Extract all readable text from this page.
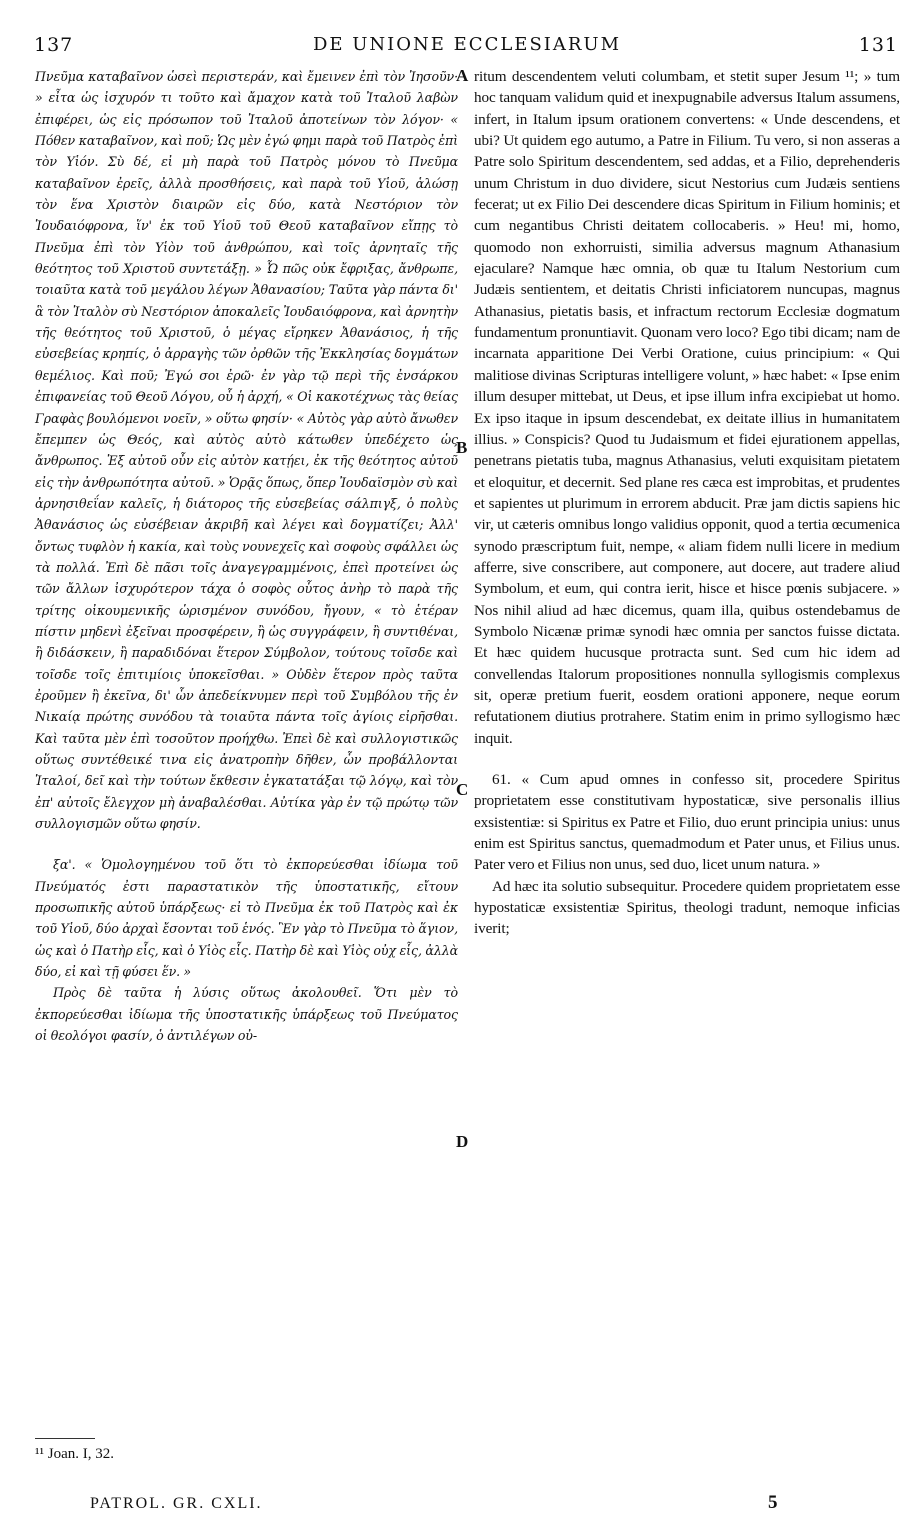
137	DE UNIONE ECCLESIARUM	131

Πνεῦμα καταβαῖνον ὡσεὶ περιστεράν, καὶ ἔμεινεν ἐπὶ τὸν Ἰησοῦν· » εἶτα ὡς ἰσχυρόν τι τοῦτο καὶ ἄμαχον κατὰ τοῦ Ἰταλοῦ λαβὼν ἐπιφέρει, ὡς εἰς πρόσωπον τοῦ Ἰταλοῦ ἀποτείνων τὸν λόγον· « Πόθεν καταβαῖνον, καὶ ποῦ; Ὡς μὲν ἐγώ φημι παρὰ τοῦ Πατρὸς ἐπὶ τὸν Υἱόν. Σὺ δέ, εἰ μὴ παρὰ τοῦ Πατρὸς μόνου τὸ Πνεῦμα καταβαῖνον ἐρεῖς, ἀλλὰ προσθήσεις, καὶ παρὰ τοῦ Υἱοῦ, ἁλώσῃ τὸν ἕνα Χριστὸν διαιρῶν εἰς δύο, κατὰ Νεστόριον τὸν Ἰουδαιόφρονα, ἵν' ἐκ τοῦ Υἱοῦ τοῦ Θεοῦ καταβαῖνον εἴπῃς τὸ Πνεῦμα ἐπὶ τὸν Υἱὸν τοῦ ἀνθρώπου, καὶ τοῖς ἀρνηταῖς τῆς θεότητος τοῦ Χριστοῦ συντετάξῃ. » Ὦ πῶς οὐκ ἔφριξας, ἄνθρωπε, τοιαῦτα κατὰ τοῦ μεγάλου λέγων Ἀθανασίου; Ταῦτα γὰρ πάντα δι' ἃ τὸν Ἰταλὸν σὺ Νεστόριον ἀποκαλεῖς Ἰουδαιόφρονα, καὶ ἀρνητὴν τῆς θεότητος τοῦ Χριστοῦ, ὁ μέγας εἴρηκεν Ἀθανάσιος, ἡ τῆς εὐσεβείας κρηπίς, ὁ ἀρραγὴς τῶν ὀρθῶν τῆς Ἐκκλησίας δογμάτων θεμέλιος. Καὶ ποῦ; Ἐγώ σοι ἐρῶ· ἐν γὰρ τῷ περὶ τῆς ἐνσάρκου ἐπιφανείας τοῦ Θεοῦ Λόγου, οὗ ἡ ἀρχή, « Οἱ κακοτέχνως τὰς θείας Γραφὰς βουλόμενοι νοεῖν, » οὕτω φησίν· « Αὐτὸς γὰρ αὐτὸ ἄνωθεν ἔπεμπεν ὡς Θεός, καὶ αὐτὸς αὐτὸ κάτωθεν ὑπεδέχετο ὡς ἄνθρωπος. Ἐξ αὐτοῦ οὖν εἰς αὐτὸν κατῄει, ἐκ τῆς θεότητος αὐτοῦ εἰς τὴν ἀνθρωπότητα αὐτοῦ. » Ὁρᾷς ὅπως, ὅπερ Ἰουδαϊσμὸν σὺ καὶ ἀρνησιθεΐαν καλεῖς, ἡ διάτορος τῆς εὐσεβείας σάλπιγξ, ὁ πολὺς Ἀθανάσιος ὡς εὐσέβειαν ἀκριβῆ καὶ λέγει καὶ δογματίζει; Ἀλλ' ὄντως τυφλὸν ἡ κακία, καὶ τοὺς νουνεχεῖς καὶ σοφοὺς σφάλλει ὡς τὰ πολλά. Ἐπὶ δὲ πᾶσι τοῖς ἀναγεγραμμένοις, ἐπεὶ προτείνει ὡς τῶν ἄλλων ἰσχυρότερον τάχα ὁ σοφὸς οὗτος ἀνὴρ τὸ παρὰ τῆς τρίτης οἰκουμενικῆς ὡρισμένον συνόδου, ἤγουν, « τὸ ἑτέραν πίστιν μηδενὶ ἐξεῖναι προσφέρειν, ἢ ὡς συγγράφειν, ἢ συντιθέναι, ἢ διδάσκειν, ἢ παραδιδόναι ἕτερον Σύμβολον, τούτους τοῖσδε καὶ τοῖσδε τοῖς ἐπιτιμίοις ὑποκεῖσθαι. » Οὐδὲν ἕτερον πρὸς ταῦτα ἐροῦμεν ἢ ἐκεῖνα, δι' ὧν ἀπεδείκνυμεν περὶ τοῦ Συμβόλου τῆς ἐν Νικαίᾳ πρώτης συνόδου τὰ τοιαῦτα πάντα τοῖς ἁγίοις εἰρῆσθαι. Καὶ ταῦτα μὲν ἐπὶ τοσοῦτον προήχθω. Ἐπεὶ δὲ καὶ συλλογιστικῶς οὕτως συντέθεικέ τινα εἰς ἀνατροπὴν δῆθεν, ὧν προβάλλονται Ἰταλοί, δεῖ καὶ τὴν τούτων ἔκθεσιν ἐγκατατάξαι τῷ λόγῳ, καὶ τὸν ἐπ' αὐτοῖς ἔλεγχον μὴ ἀναβαλέσθαι. Αὐτίκα γὰρ ἐν τῷ πρώτῳ τῶν συλλογισμῶν οὕτω φησίν.

ξα'. « Ὁμολογημένου τοῦ ὅτι τὸ ἐκπορεύεσθαι ἰδίωμα τοῦ Πνεύματός ἐστι παραστατικὸν τῆς ὑποστατικῆς, εἴτουν προσωπικῆς αὐτοῦ ὑπάρξεως· εἰ τὸ Πνεῦμα ἐκ τοῦ Πατρὸς καὶ ἐκ τοῦ Υἱοῦ, δύο ἀρχαὶ ἔσονται τοῦ ἑνός. Ἓν γὰρ τὸ Πνεῦμα τὸ ἅγιον, ὡς καὶ ὁ Πατὴρ εἷς, καὶ ὁ Υἱὸς εἷς. Πατὴρ δὲ καὶ Υἱὸς οὐχ εἷς, ἀλλὰ δύο, εἰ καὶ τῇ φύσει ἕν. »

Πρὸς δὲ ταῦτα ἡ λύσις οὕτως ἀκολουθεῖ. Ὅτι μὲν τὸ ἐκπορεύεσθαι ἰδίωμα τῆς ὑποστατικῆς ὑπάρξεως τοῦ Πνεύματος οἱ θεολόγοι φασίν, ὁ ἀντιλέγων οὐ-

ritum descendentem veluti columbam, et stetit super Jesum ¹¹; » tum hoc tanquam validum quid et inexpugnabile adversus Italum assumens, infert, in Italum ipsum orationem convertens: « Unde descendens, et ubi? Ut quidem ego autumo, a Patre in Filium. Tu vero, si non asseras a Patre solo Spiritum descendentem, sed addas, et a Filio, deprehenderis unum Christum in duo dividere, sicut Nestorius cum Judæis sentiens fecerat; ut ex Filio Dei descendere dicas Spiritum in Filium hominis; et cum negantibus Christi deitatem collocaberis. » Heu! mi, homo, quomodo non exhorruisti, similia adversus magnum Athanasium ejaculare? Namque hæc omnia, ob quæ tu Italum Nestorium cum Judæis sentientem, et deitatis Christi inficiatorem nuncupas, magnus Athanasius, pietatis basis, et infractum rectorum Ecclesiæ dogmatum fundamentum pronuntiavit. Quonam vero loco? Ego tibi dicam; nam de incarnata apparitione Dei Verbi Oratione, cuius principium: « Qui malitiose divinas Scripturas intelligere volunt, » hæc habet: « Ipse enim illum desuper mittebat, ut Deus, et ipse illum infra excipiebat ut homo. Ex ipso itaque in ipsum descendebat, ex deitate illius in humanitatem illius. » Conspicis? Quod tu Judaismum et fidei ejurationem appellas, penetrans pietatis tuba, magnus Athanasius, veluti exquisitam pietatem et eloquitur, et decernit. Sed plane res cæca est improbitas, et prudentes et sapientes ut plurimum in errorem abducit. Præ jam dictis sapiens hic vir, ut cæteris omnibus longo validius opponit, quod a tertia œcumenica synodo præscriptum fuit, nempe, « aliam fidem nulli licere in medium afferre, sive conscribere, aut componere, aut docere, aut tradere aliud Symbolum, et eum, qui contra ierit, hisce et hisce pœnis subjacere. » Nos nihil aliud ad hæc dicemus, quam illa, quibus ostendebamus de Symbolo Nicænæ primæ synodi hæc omnia per sanctos fuisse dictata. Et hæc quidem hucusque protracta sunt. Sed cum hic idem ad convellendas Italorum propositiones nonnulla syllogismis complexus sit, operæ pretium fuerit, eosdem orationi apponere, neque eorum refutationem diutius protrahere. Statim enim in primo syllogismo hæc inquit.

61. « Cum apud omnes in confesso sit, procedere Spiritus proprietatem esse constitutivam hypostaticæ, sive personalis illius exsistentiæ: si Spiritus ex Patre et Filio, duo erunt principia unius: unus enim est Spiritus sanctus, quemadmodum et Pater unus, et Filius unus. Pater vero et Filius non unus, sed duo, licet unum natura. »

Ad hæc ita solutio subsequitur. Procedere quidem proprietatem esse hypostaticæ exsistentiæ Spiritus, theologi tradunt, nemoque inficias iverit;

A
B
C
D
¹¹ Joan. I, 32.
PATROL. GR. CXLI.	5
